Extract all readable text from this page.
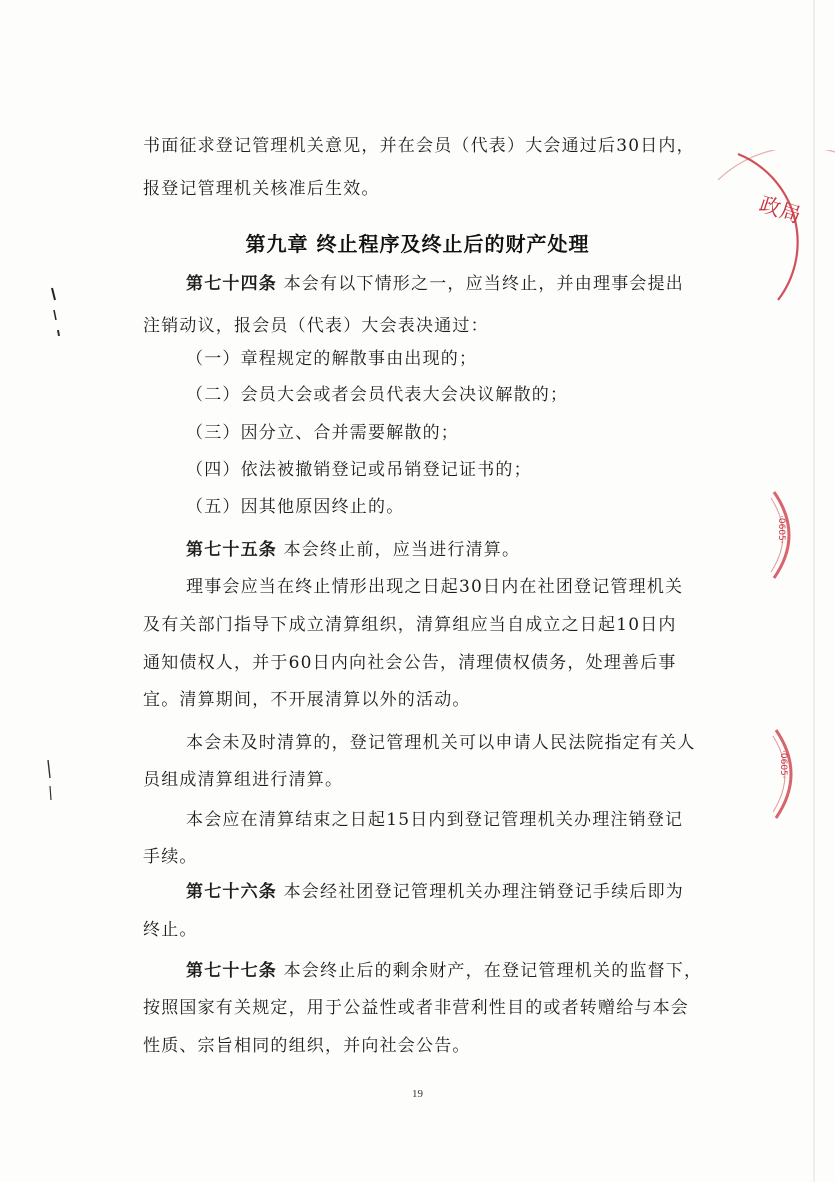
书面征求登记管理机关意见，并在会员（代表）大会通过后30日内，
报登记管理机关核准后生效。
第九章 终止程序及终止后的财产处理
第七十四条 本会有以下情形之一，应当终止，并由理事会提出
注销动议，报会员（代表）大会表决通过：
（一）章程规定的解散事由出现的；
（二）会员大会或者会员代表大会决议解散的；
（三）因分立、合并需要解散的；
（四）依法被撤销登记或吊销登记证书的；
（五）因其他原因终止的。
第七十五条 本会终止前，应当进行清算。
理事会应当在终止情形出现之日起30日内在社团登记管理机关
及有关部门指导下成立清算组织，清算组应当自成立之日起10日内
通知债权人，并于60日内向社会公告，清理债权债务，处理善后事
宜。清算期间，不开展清算以外的活动。
本会未及时清算的，登记管理机关可以申请人民法院指定有关人
员组成清算组进行清算。
本会应在清算结束之日起15日内到登记管理机关办理注销登记
手续。
第七十六条 本会经社团登记管理机关办理注销登记手续后即为
终止。
第七十七条 本会终止后的剩余财产，在登记管理机关的监督下，
按照国家有关规定，用于公益性或者非营利性目的或者转赠给与本会
性质、宗旨相同的组织，并向社会公告。
19
政局
·0605·
·0605·
